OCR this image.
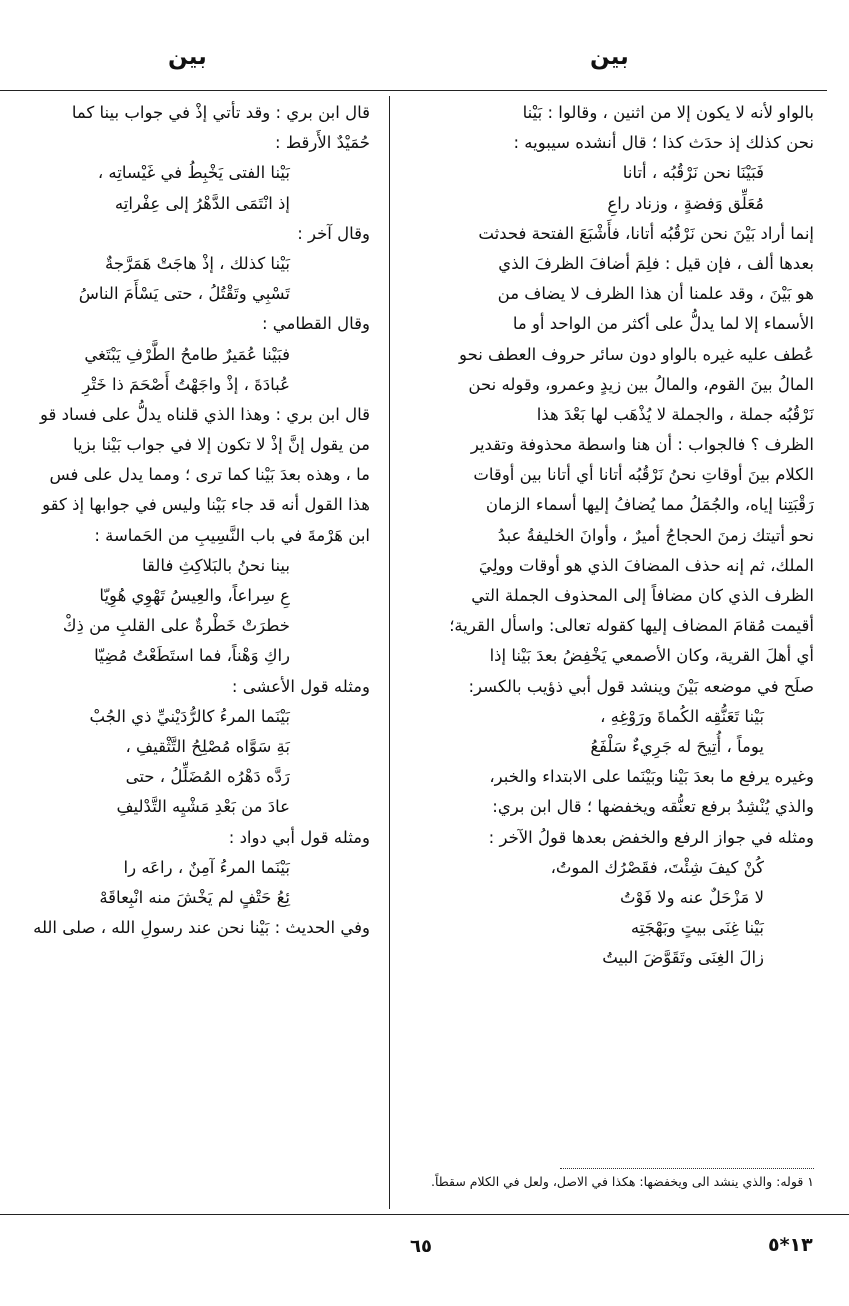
بين
بين
بالواو لأنه لا يكون إلا من اثنين ، وقالوا : بَيْنا
نحن كذلك إذ حدَث كذا ؛ قال أنشده سيبويه :
فَبَيْنَا نحن نَرْقُبُه ، أتانا
مُعَلِّق وَفضةٍ ، وزناد راعِ
إنما أراد بَيْنَ نحن نَرْقُبُه أتانا، فأَشْبَعَ الفتحة فحدثت
بعدها ألف ، فإن قيل : فلِمَ أضافَ الظرفَ الذي
هو بَيْنَ ، وقد علمنا أن هذا الظرف لا يضاف من
الأسماء إلا لما يدلُّ على أكثر من الواحد أو ما
عُطف عليه غيره بالواو دون سائر حروف العطف نحو
المالُ بينَ القوم، والمالُ بين زيدٍ وعمرو، وقوله نحن
نَرْقُبُه جملة ، والجملة لا يُذْهَب لها بَعْدَ هذا
الظرف ؟ فالجواب : أن هنا واسطة محذوفة وتقدير
الكلام بينَ أوقاتِ نحنُ نَرْقُبُه أتانا أي أتانا بين أوقات
رَقْبَتِنا إياه، والجُمَلُ مما يُضافُ إليها أسماء الزمان
نحو أتيتك زمنَ الحجاجُ أميرٌ ، وأوانَ الخليفةُ عبدُ
الملك، ثم إنه حذف المضافَ الذي هو أوقات وولِيَ
الظرف الذي كان مضافاً إلى المحذوف الجملة التي
أقيمت مُقامَ المضاف إليها كقوله تعالى: واسأل القرية؛
أي أهلَ القرية، وكان الأصمعي يَخْفِضُ بعدَ بَيْنا إذا
صلَح في موضعه بَيْنَ وينشد قول أبي ذؤيب بالكسر:
بَيْنا تَعَنُّقِه الكُماةَ ورَوْغِهِ ،
يوماً ، أُتِيحَ له جَرِيءٌ سَلْفَعُ
وغيره يرفع ما بعدَ بَيْنا وبَيْنَما على الابتداء والخبر،
والذي يُنْشِدُ برفع تعنُّقه ويخفضها ؛ قال ابن بري:
ومثله في جواز الرفع والخفض بعدها قولُ الآخر :
كُنْ كيفَ شِئْتَ، فقَصْرُك الموتُ،
لا مَزْحَلٌ عنه ولا فَوْتُ
بَيْنا غِنَى بيتٍ وبَهْجَتِه
زالَ الغِنَى وتَقَوَّضَ البيتُ
قال ابن بري : وقد تأتي إذْ في جواب بينا كما
حُمَيْدٌ الأَرقط :
بَيْنا الفتى يَخْبِطُ في غَيْساتِه ،
إذ انْتَمَى الدَّهْرُ إلى عِفْراتِه
وقال آخر :
بَيْنا كذلك ، إذْ هاجَتْ هَمَرَّجةٌ
تَسْبِي وتَقْتُلُ ، حتى يَسْأَمَ الناسُ
وقال القطامي :
فبَيْنا عُمَيرٌ طامحُ الطَّرْفِ يَبْتَغي
عُبادَةَ ، إذْ واجَهْتُ أَصْحَمَ ذا خَتْرِ
قال ابن بري : وهذا الذي قلناه يدلُّ على فساد قو
من يقول إنَّ إذْ لا تكون إلا في جواب بَيْنا بزيا
ما ، وهذه بعدَ بَيْنا كما ترى ؛ ومما يدل على فس
هذا القول أنه قد جاء بَيْنا وليس في جوابها إذ كقو
ابن هَرْمةَ في باب النَّسِيبِ من الحَماسة :
بينا نحنُ بالبَلاكِثِ فالقا
عِ سِراعاً، والعِيسُ تَهْوِي هُوِيّا
خطرَتْ خَطْرةٌ على القلبِ من ذِكْ
راكِ وَهْناً، فما استَطَعْتُ مُضِيّا
ومثله قول الأعشى :
بَيْنَما المرءُ كالرُّدَيْنيِّ ذي الجُبْ
بَةِ سَوَّاه مُصْلِحُ التَّثْقيفِ ،
رَدَّه دَهْرُه المُضَلِّلُ ، حتى
عادَ من بَعْدِ مَشْيِه التَّدْليفِ
ومثله قول أبي دواد :
بَيْنَما المرءُ آمِنٌ ، راعَه را
ئِعُ حَتْفٍ لم يَخْشَ منه انْبِعاقَهْ
وفي الحديث : بَيْنا نحن عند رسولِ الله ، صلى الله
١ قوله: والذي ينشد الى ويخفضها: هكذا في الاصل، ولعل في الكلام سقطاً.
٦٥	١٣*٥
